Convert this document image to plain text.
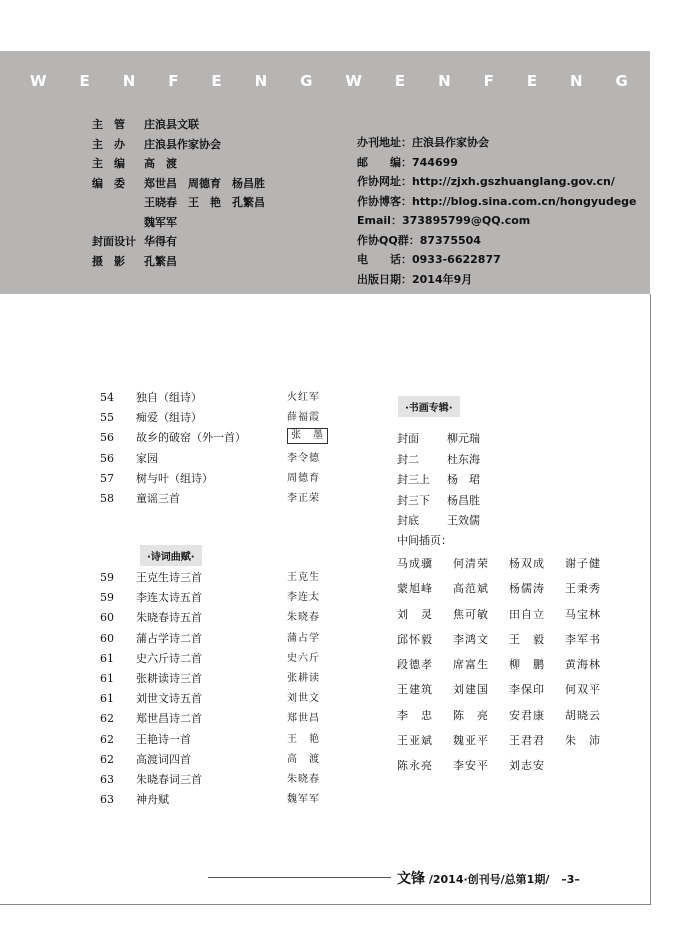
W E N F E N G W E N F E N G
主　管 庄浪县文联
主　办 庄浪县作家协会
主　编 高　渡
编　委 郑世昌　周德育　杨昌胜
王晓春　王　艳　孔繁昌
魏军军
封面设计 华得有
摄　影 孔繁昌
办刊地址：庄浪县作家协会
邮　　编：744699
作协网址：http://zjxh.gszhuanglang.gov.cn/
作协博客：http://blog.sina.com.cn/hongyudege
Email：373895799@QQ.com
作协QQ群：87375504
电　　话：0933-6622877
出版日期：2014年9月
54	独自（组诗）	火红军
55	痴爱（组诗）	薛福霞
56	故乡的破窑（外一首）	张　墨
56	家园	李令德
57	树与叶（组诗）	周德育
58	童谣三首	李正荣
·诗词曲赋·
59	王克生诗三首	王克生
59	李连太诗五首	李连太
60	朱晓春诗五首	朱晓春
60	蒲占学诗二首	蒲占学
61	史六斤诗二首	史六斤
61	张耕读诗三首	张耕读
61	刘世文诗五首	刘世文
62	郑世昌诗二首	郑世昌
62	王艳诗一首	王　艳
62	高渡词四首	高　渡
63	朱晓春词三首	朱晓春
63	神舟赋	魏军军
·书画专辑·
封面	柳元瑞
封二	杜东海
封三上 杨　珺
封三下 杨昌胜
封底	王效儒
中间插页：
马成骥 何清荣 杨双成 谢子健
蒙旭峰 高范斌 杨儒涛 王秉秀
刘　灵 焦可敏 田自立 马宝林
邱怀毅 李鸿文 王　毅 李军书
段德孝 席富生 柳　鹏 黄海林
王建筑 刘建国 李保印 何双平
李　忠 陈　亮 安君康 胡晓云
王亚斌 魏亚平 王君君 朱　沛
陈永亮 李安平 刘志安
文锋 /2014·创刊号/总第1期/ –3–
